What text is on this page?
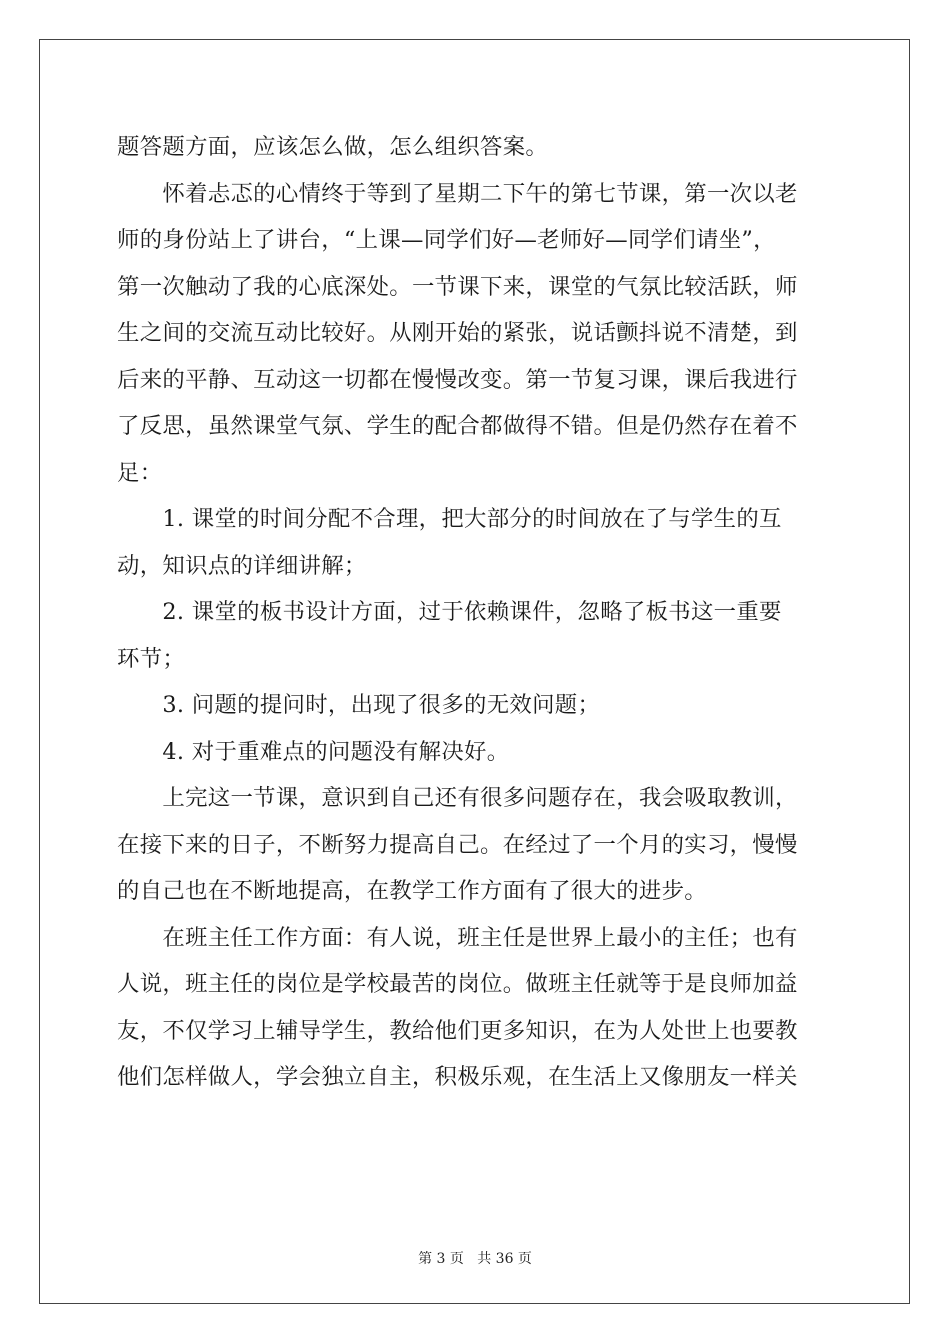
题答题方面，应该怎么做，怎么组织答案。
　　怀着忐忑的心情终于等到了星期二下午的第七节课，第一次以老
师的身份站上了讲台，“上课—同学们好—老师好—同学们请坐”，
第一次触动了我的心底深处。一节课下来，课堂的气氛比较活跃，师
生之间的交流互动比较好。从刚开始的紧张，说话颤抖说不清楚，到
后来的平静、互动这一切都在慢慢改变。第一节复习课，课后我进行
了反思，虽然课堂气氛、学生的配合都做得不错。但是仍然存在着不
足：
　　1. 课堂的时间分配不合理，把大部分的时间放在了与学生的互
动，知识点的详细讲解；
　　2. 课堂的板书设计方面，过于依赖课件，忽略了板书这一重要
环节；
　　3. 问题的提问时，出现了很多的无效问题；
　　4. 对于重难点的问题没有解决好。
　　上完这一节课，意识到自己还有很多问题存在，我会吸取教训，
在接下来的日子，不断努力提高自己。在经过了一个月的实习，慢慢
的自己也在不断地提高，在教学工作方面有了很大的进步。
　　在班主任工作方面：有人说，班主任是世界上最小的主任；也有
人说，班主任的岗位是学校最苦的岗位。做班主任就等于是良师加益
友，不仅学习上辅导学生，教给他们更多知识，在为人处世上也要教
他们怎样做人，学会独立自主，积极乐观，在生活上又像朋友一样关
第 3 页   共 36 页
